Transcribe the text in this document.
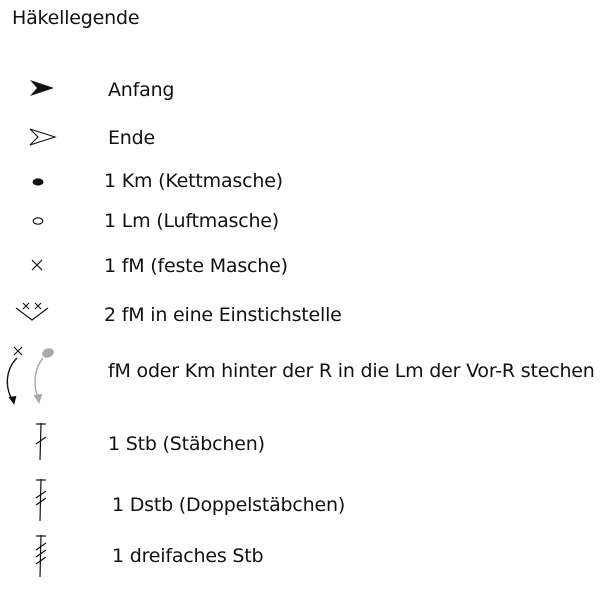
Häkellegende
Anfang
Ende
1 Km (Kettmasche)
1 Lm (Luftmasche)
1 fM (feste Masche)
2 fM in eine Einstichstelle
fM oder Km hinter der R in die Lm der Vor-R stechen
1 Stb (Stäbchen)
1 Dstb (Doppelstäbchen)
1 dreifaches Stb
